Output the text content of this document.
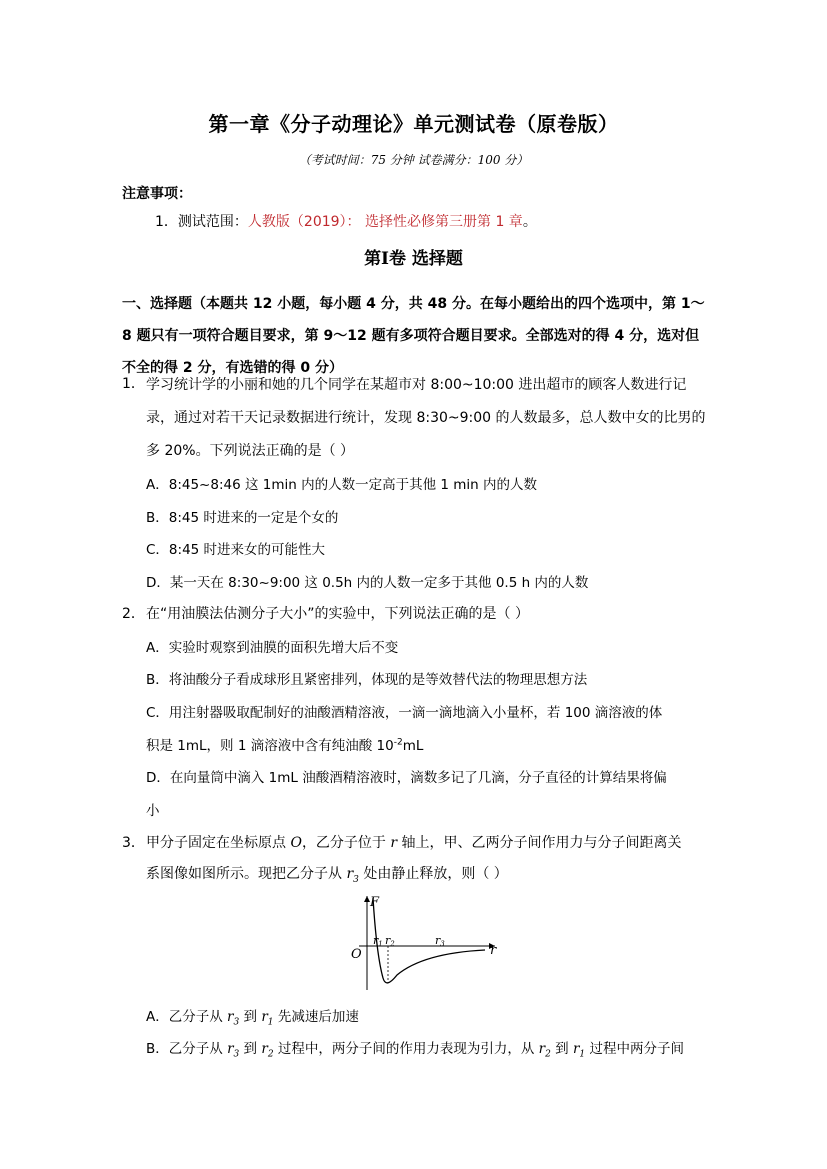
第一章《分子动理论》单元测试卷（原卷版）
（考试时间：75 分钟 试卷满分：100 分）
注意事项：
1．测试范围：人教版（2019）： 选择性必修第三册第 1 章。
第Ⅰ卷 选择题
一、选择题（本题共 12 小题，每小题 4 分，共 48 分。在每小题给出的四个选项中，第 1～8 题只有一项符合题目要求，第 9～12 题有多项符合题目要求。全部选对的得 4 分，选对但不全的得 2 分，有选错的得 0 分）
1． 学习统计学的小丽和她的几个同学在某超市对 8:00~10:00 进出超市的顾客人数进行记录，通过对若干天记录数据进行统计，发现 8:30~9:00 的人数最多，总人数中女的比男的多 20%。下列说法正确的是（ ）
A．8:45~8:46 这 1min 内的人数一定高于其他 1 min 内的人数
B．8:45 时进来的一定是个女的
C．8:45 时进来女的可能性大
D．某一天在 8:30~9:00 这 0.5h 内的人数一定多于其他 0.5 h 内的人数
2． 在“用油膜法估测分子大小”的实验中，下列说法正确的是（ ）
A．实验时观察到油膜的面积先增大后不变
B．将油酸分子看成球形且紧密排列，体现的是等效替代法的物理思想方法
C．用注射器吸取配制好的油酸酒精溶液，一滴一滴地滴入小量杯，若 100 滴溶液的体
积是 1mL，则 1 滴溶液中含有纯油酸 $10^{-2}mL$
D．在向量筒中滴入 1mL 油酸酒精溶液时，滴数多记了几滴，分子直径的计算结果将偏
小
3． 甲分子固定在坐标原点 O，乙分子位于 r 轴上，甲、乙两分子间作用力与分子间距离关
系图像如图所示。现把乙分子从 $r_3$ 处由静止释放，则（ ）
F
r
O
r1 r2	r3
A．乙分子从 $r_3$ 到 $r_1$ 先减速后加速
B．乙分子从 $r_3$ 到 $r_2$ 过程中，两分子间的作用力表现为引力，从 $r_2$ 到 $r_1$ 过程中两分子间
